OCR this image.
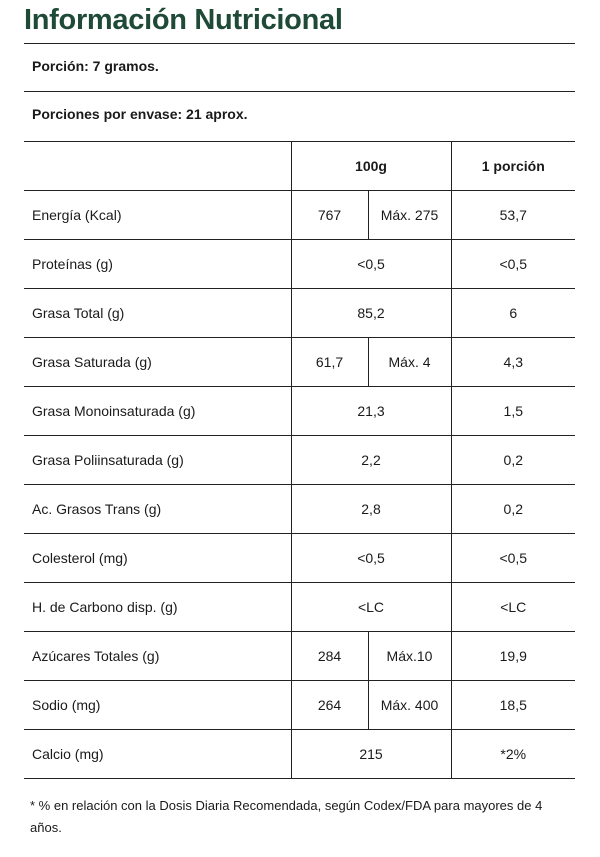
Información Nutricional
Porción: 7 gramos.
Porciones por envase: 21 aprox.
	100g		1 porción
Energía (Kcal)	767	Máx. 275	53,7
Proteínas (g)	<0,5		<0,5
Grasa Total (g)	85,2		6
Grasa Saturada (g)	61,7	Máx. 4	4,3
Grasa Monoinsaturada (g)	21,3		1,5
Grasa Poliinsaturada (g)	2,2		0,2
Ac. Grasos Trans (g)	2,8		0,2
Colesterol (mg)	<0,5		<0,5
H. de Carbono disp. (g)	<LC		<LC
Azúcares Totales (g)	284	Máx.10	19,9
Sodio (mg)	264	Máx. 400	18,5
Calcio (mg)	215		*2%

* % en relación con la Dosis Diaria Recomendada, según Codex/FDA para mayores de 4 años.
